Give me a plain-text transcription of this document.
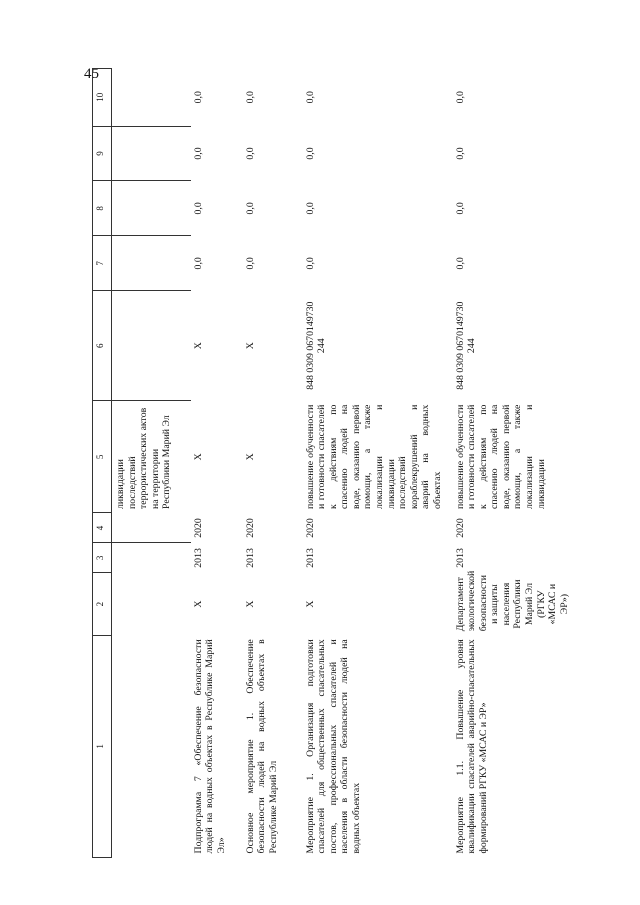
45
1	2	3	4	5	6	7	8	9	10
				ликвидации последствий террористических актов на территории Республики Марий Эл					
Подпрограмма 7 «Обеспечение безопасности людей на водных объектах в Республике Марий Эл»	Х	2013	2020	Х	Х	0,0	0,0	0,0	0,0
Основное мероприятие 1. Обеспечение безопасности людей на водных объектах в Республике Марий Эл	Х	2013	2020	Х	Х	0,0	0,0	0,0	0,0
Мероприятие 1. Организация подготовки спасателей для общественных спасательных постов, профессиональных спасателей и населения в области безопасности людей на водных объектах	Х	2013	2020	повышение обученности и готовности спасателей к действиям по спасению людей на воде, оказанию первой помощи, а также локализации и ликвидации последствий кораблекрушений и аварий на водных объектах	848 0309 0670149730 244	0,0	0,0	0,0	0,0
Мероприятие 1.1. Повышение уровня квалификации спасателей аварийно-спасательных формирований РГКУ «МСАС и ЭР»	Департамент экологической безопасности и защиты населения Республики Марий Эл (РГКУ «МСАС и ЭР»)	2013	2020	повышение обученности и готовности спасателей к действиям по спасению людей на воде, оказанию первой помощи, а также локализации и ликвидации	848 0309 0670149730 244	0,0	0,0	0,0	0,0
